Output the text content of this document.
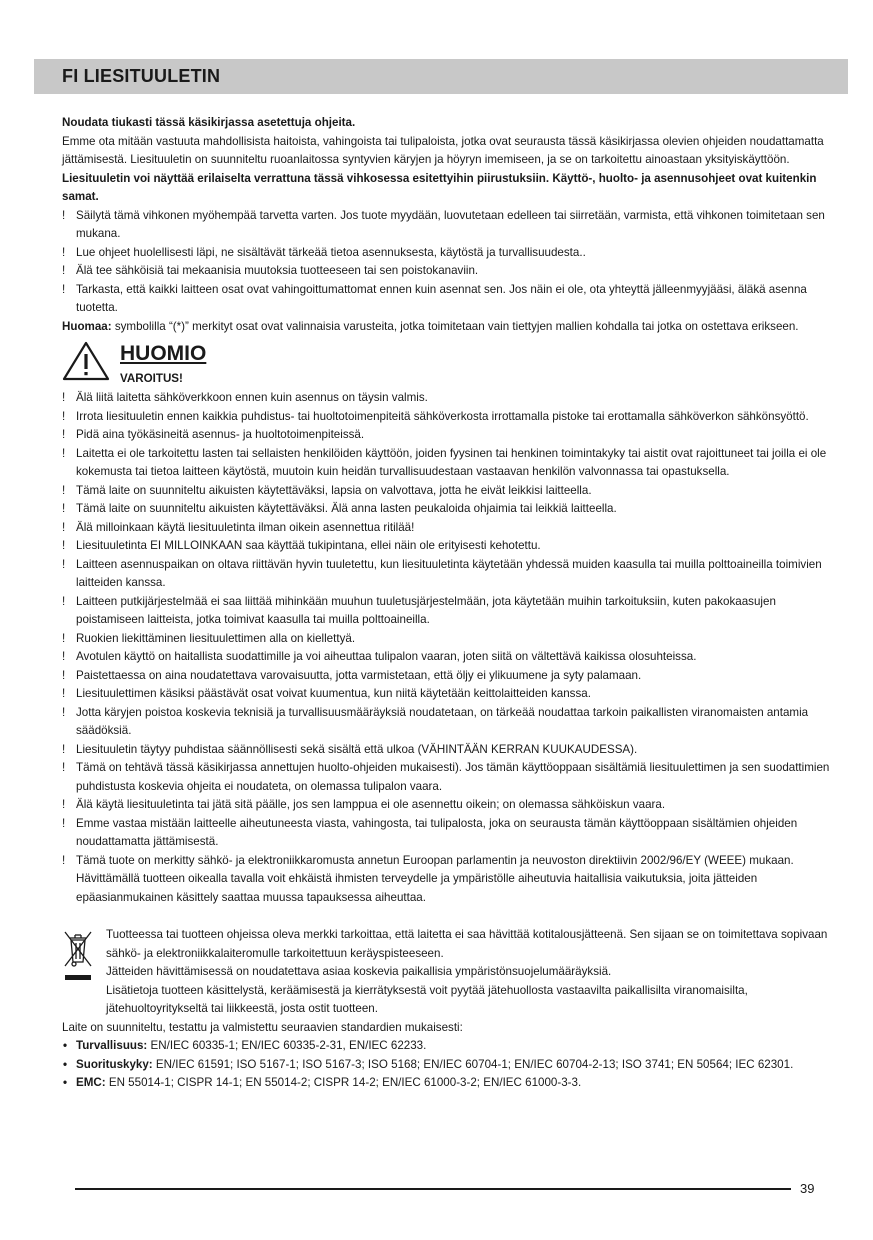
FI LIESITUULETIN

Noudata tiukasti tässä käsikirjassa asetettuja ohjeita.

Emme ota mitään vastuuta mahdollisista haitoista, vahingoista tai tulipaloista, jotka ovat seurausta tässä käsikirjassa olevien ohjeiden noudattamatta jättämisestä. Liesituuletin on suunniteltu ruoanlaitossa syntyvien käryjen ja höyryn imemiseen, ja se on tarkoitettu ainoastaan yksityiskäyttöön.

Liesituuletin voi näyttää erilaiselta verrattuna tässä vihkosessa esitettyihin piirustuksiin. Käyttö-, huolto- ja asennusohjeet ovat kuitenkin samat.

! Säilytä tämä vihkonen myöhempää tarvetta varten. Jos tuote myydään, luovutetaan edelleen tai siirretään, varmista, että vihkonen toimitetaan sen mukana.
! Lue ohjeet huolellisesti läpi, ne sisältävät tärkeää tietoa asennuksesta, käytöstä ja turvallisuudesta..
! Älä tee sähköisiä tai mekaanisia muutoksia tuotteeseen tai sen poistokanaviin.
! Tarkasta, että kaikki laitteen osat ovat vahingoittumattomat ennen kuin asennat sen. Jos näin ei ole, ota yhteyttä jälleenmyyjääsi, äläkä asenna tuotetta.

Huomaa: symbolilla “(*)” merkityt osat ovat valinnaisia varusteita, jotka toimitetaan vain tiettyjen mallien kohdalla tai jotka on ostettava erikseen.

HUOMIO
VAROITUS!
! Älä liitä laitetta sähköverkkoon ennen kuin asennus on täysin valmis.
! Irrota liesituuletin ennen kaikkia puhdistus- tai huoltotoimenpiteitä sähköverkosta irrottamalla pistoke tai erottamalla sähköverkon sähkönsyöttö.
! Pidä aina työkäsineitä asennus- ja huoltotoimenpiteissä.
! Laitetta ei ole tarkoitettu lasten tai sellaisten henkilöiden käyttöön, joiden fyysinen tai henkinen toimintakyky tai aistit ovat rajoittuneet tai joilla ei ole kokemusta tai tietoa laitteen käytöstä, muutoin kuin heidän turvallisuudestaan vastaavan henkilön valvonnassa tai opastuksella.
! Tämä laite on suunniteltu aikuisten käytettäväksi, lapsia on valvottava, jotta he eivät leikkisi laitteella.
! Tämä laite on suunniteltu aikuisten käytettäväksi. Älä anna lasten peukaloida ohjaimia tai leikkiä laitteella.
! Älä milloinkaan käytä liesituuletinta ilman oikein asennettua ritilää!
! Liesituuletinta EI MILLOINKAAN saa käyttää tukipintana, ellei näin ole erityisesti kehotettu.
! Laitteen asennuspaikan on oltava riittävän hyvin tuuletettu, kun liesituuletinta käytetään yhdessä muiden kaasulla tai muilla polttoaineilla toimivien laitteiden kanssa.
! Laitteen putkijärjestelmää ei saa liittää mihinkään muuhun tuuletusjärjestelmään, jota käytetään muihin tarkoituksiin, kuten pakokaasujen poistamiseen laitteista, jotka toimivat kaasulla tai muilla polttoaineilla.
! Ruokien liekittäminen liesituulettimen alla on kiellettyä.
! Avotulen käyttö on haitallista suodattimille ja voi aiheuttaa tulipalon vaaran, joten siitä on vältettävä kaikissa olosuhteissa.
! Paistettaessa on aina noudatettava varovaisuutta, jotta varmistetaan, että öljy ei ylikuumene ja syty palamaan.
! Liesituulettimen käsiksi päästävät osat voivat kuumentua, kun niitä käytetään keittolaitteiden kanssa.
! Jotta käryjen poistoa koskevia teknisiä ja turvallisuusmääräyksiä noudatetaan, on tärkeää noudattaa tarkoin paikallisten viranomaisten antamia säädöksiä.
! Liesituuletin täytyy puhdistaa säännöllisesti sekä sisältä että ulkoa (VÄHINTÄÄN KERRAN KUUKAUDESSA).
! Tämä on tehtävä tässä käsikirjassa annettujen huolto-ohjeiden mukaisesti). Jos tämän käyttöoppaan sisältämiä liesituulettimen ja sen suodattimien puhdistusta koskevia ohjeita ei noudateta, on olemassa tulipalon vaara.
! Älä käytä liesituuletinta tai jätä sitä päälle, jos sen lamppua ei ole asennettu oikein; on olemassa sähköiskun vaara.
! Emme vastaa mistään laitteelle aiheutuneesta viasta, vahingosta, tai tulipalosta, joka on seurausta tämän käyttöoppaan sisältämien ohjeiden noudattamatta jättämisestä.
! Tämä tuote on merkitty sähkö- ja elektroniikkaromusta annetun Euroopan parlamentin ja neuvoston direktiivin 2002/96/EY (WEEE) mukaan. Hävittämällä tuotteen oikealla tavalla voit ehkäistä ihmisten terveydelle ja ympäristölle aiheutuvia haitallisia vaikutuksia, joita jätteiden epäasianmukainen käsittely saattaa muussa tapauksessa aiheuttaa.

Tuotteessa tai tuotteen ohjeissa oleva merkki tarkoittaa, että laitetta ei saa hävittää kotitalousjätteenä. Sen sijaan se on toimitettava sopivaan sähkö- ja elektroniikkalaiteromulle tarkoitettuun keräyspisteeseen.

Jätteiden hävittämisessä on noudatettava asiaa koskevia paikallisia ympäristönsuojelumääräyksiä.

Lisätietoja tuotteen käsittelystä, keräämisestä ja kierrätyksestä voit pyytää jätehuollosta vastaavilta paikallisilta viranomaisilta, jätehuoltoyritykseltä tai liikkeestä, josta ostit tuotteen.

Laite on suunniteltu, testattu ja valmistettu seuraavien standardien mukaisesti:

• Turvallisuus: EN/IEC 60335-1; EN/IEC 60335-2-31, EN/IEC 62233.
• Suorituskyky: EN/IEC 61591; ISO 5167-1; ISO 5167-3; ISO 5168; EN/IEC 60704-1; EN/IEC 60704-2-13; ISO 3741; EN 50564; IEC 62301.
• EMC: EN 55014-1; CISPR 14-1; EN 55014-2; CISPR 14-2; EN/IEC 61000-3-2; EN/IEC 61000-3-3.
39
